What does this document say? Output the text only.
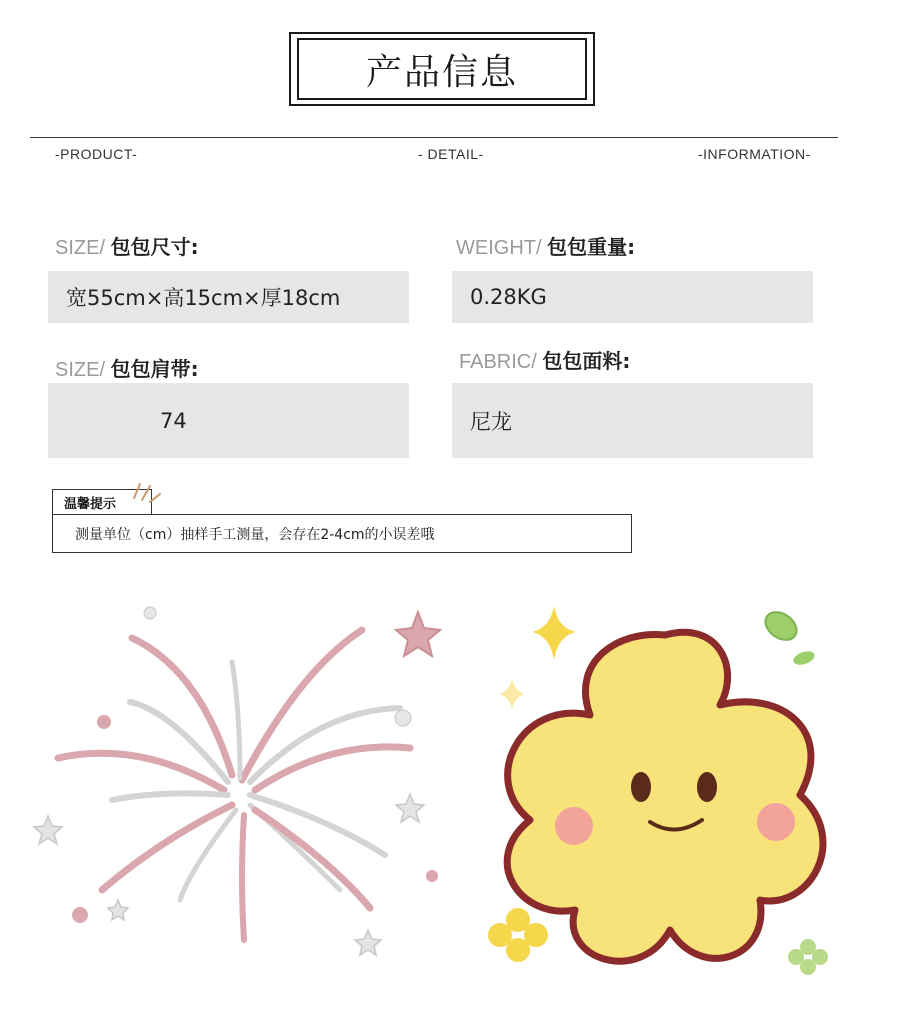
产品信息
-PRODUCT-	- DETAIL-	-INFORMATION-
SIZE/ 包包尺寸:
宽55cm×高15cm×厚18cm
WEIGHT/ 包包重量:
0.28KG
SIZE/ 包包肩带:
74
FABRIC/ 包包面料:
尼龙
温馨提示
测量单位（cm）抽样手工测量，会存在2-4cm的小误差哦
